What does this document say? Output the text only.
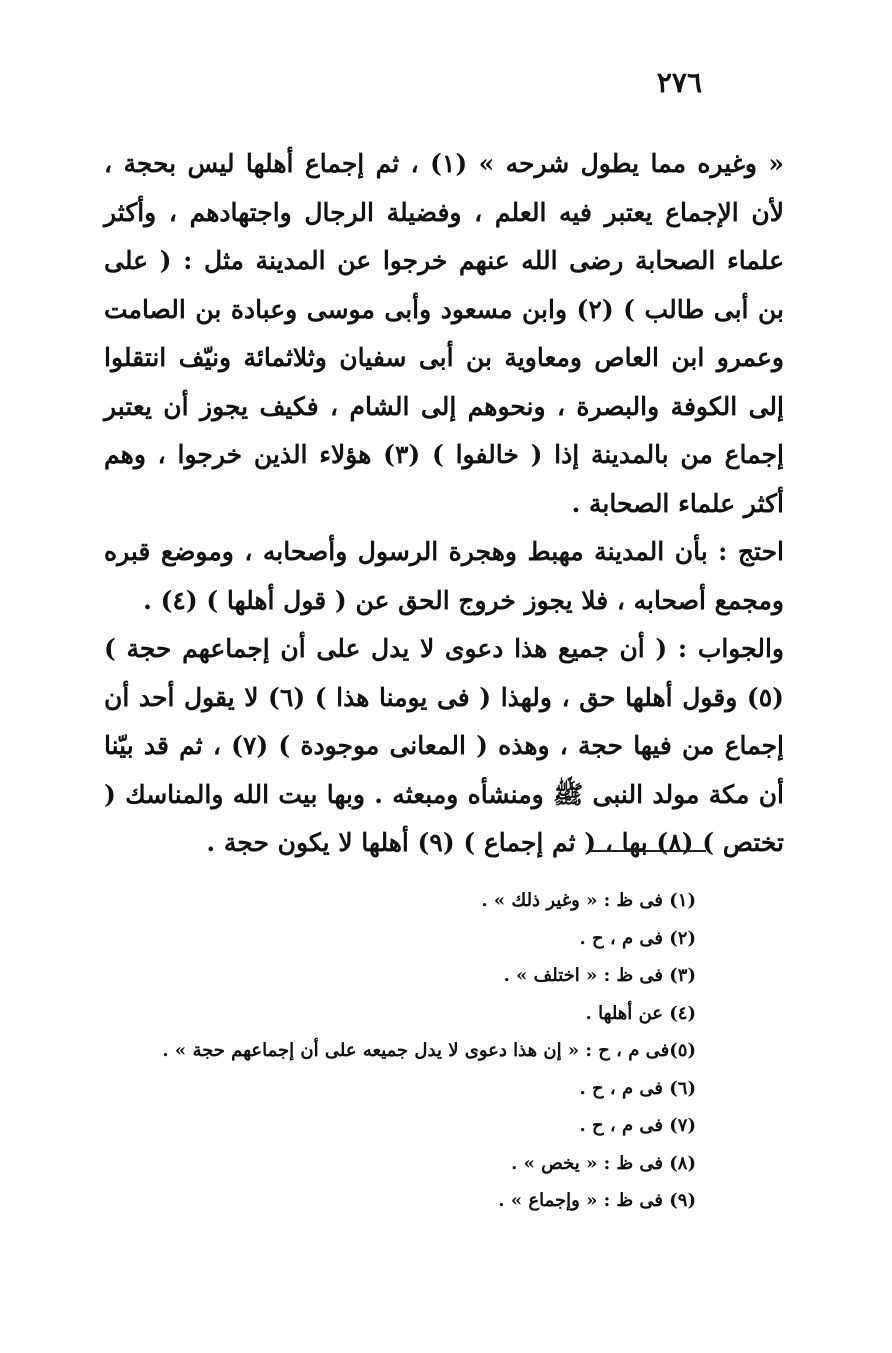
٢٧٦

« وغيره مما يطول شرحه » (١) ، ثم إجماع أهلها ليس بحجة ، لأن الإجماع يعتبر فيه العلم ، وفضيلة الرجال واجتهادهم ، وأكثر علماء الصحابة رضى الله عنهم خرجوا عن المدينة مثل : ( على بن أبى طالب ) (٢) وابن مسعود وأبى موسى وعبادة بن الصامت وعمرو ابن العاص ومعاوية بن أبى سفيان وثلاثمائة ونيّف انتقلوا إلى الكوفة والبصرة ، ونحوهم إلى الشام ، فكيف يجوز أن يعتبر إجماع من بالمدينة إذا ( خالفوا ) (٣) هؤلاء الذين خرجوا ، وهم أكثر علماء الصحابة .

احتج : بأن المدينة مهبط وهجرة الرسول وأصحابه ، وموضع قبره ومجمع أصحابه ، فلا يجوز خروج الحق عن ( قول أهلها ) (٤) .

والجواب : ( أن جميع هذا دعوى لا يدل على أن إجماعهم حجة ) (٥) وقول أهلها حق ، ولهذا ( فى يومنا هذا ) (٦) لا يقول أحد أن إجماع من فيها حجة ، وهذه ( المعانى موجودة ) (٧) ، ثم قد بيّنا أن مكة مولد النبى ﷺ ومنشأه ومبعثه . وبها بيت الله والمناسك ( تختص ) (٨) بها ، ( ثم إجماع ) (٩) أهلها لا يكون حجة .

(١) فى ظ : « وغير ذلك » .
(٢) فى م ، ح .
(٣) فى ظ : « اختلف » .
(٤) عن أهلها .
(٥)فى م ، ح : « إن هذا دعوى لا يدل جميعه على أن إجماعهم حجة » .
(٦) فى م ، ح .
(٧) فى م ، ح .
(٨) فى ظ : « يخص » .
(٩) فى ظ : « وإجماع » .
